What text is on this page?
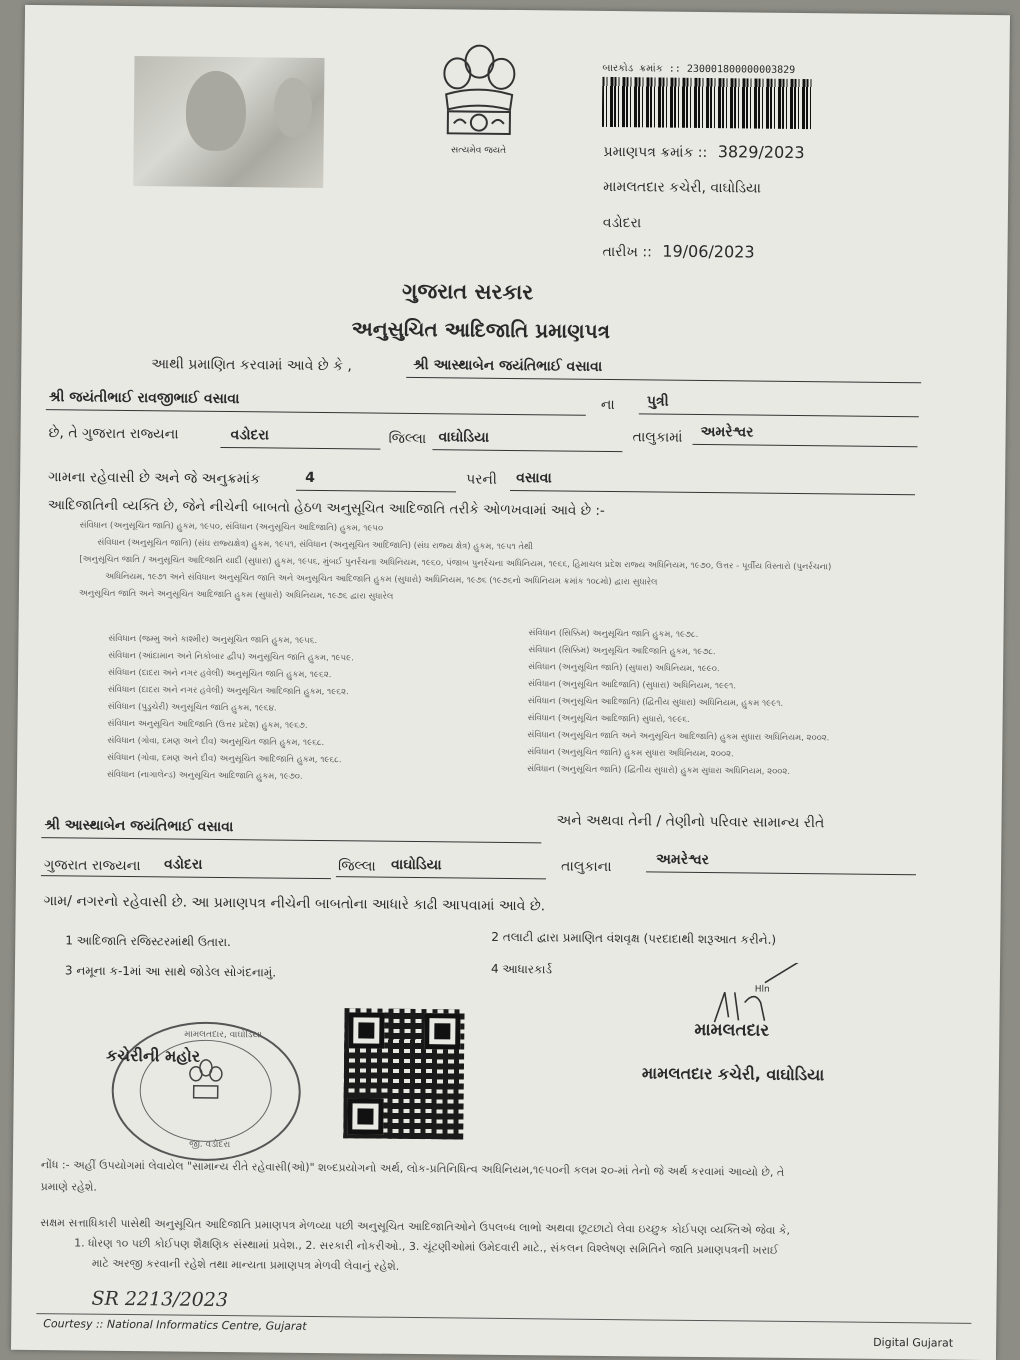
સત્યમેવ જયતે
બારકોડ ક્રમાંક :: 230001800000003829
પ્રમાણપત્ર ક્રમાંક :: 3829/2023
મામલતદાર કચેરી, વાઘોડિયા
વડોદરા
તારીખ :: 19/06/2023
ગુજરાત સરકાર
અનુસુચિત આદિજાતિ પ્રમાણપત્ર
આથી પ્રમાણિત કરવામાં આવે છે કે ,	શ્રી આસ્થાબેન જયંતિભાઈ વસાવા
શ્રી જયંતીભાઈ રાવજીભાઈ વસાવા	ના પુત્રી
છે, તે ગુજરાત રાજ્યના	વડોદરા	જિલ્લા વાઘોડિયા	તાલુકામાં અમરેશ્વર
ગામના રહેવાસી છે અને જે અનુક્રમાંક	4	પરની વસાવા
આદિજાતિની વ્યક્તિ છે, જેને નીચેની બાબતો હેઠળ અનુસૂચિત આદિજાતિ તરીકે ઓળખવામાં આવે છે :-
સંવિધાન (અનુસૂચિત જાતિ) હુકમ, ૧૯૫૦, સંવિધાન (અનુસૂચિત આદિજાતિ) હુકમ, ૧૯૫૦
સંવિધાન (અનુસૂચિત જાતિ) (સંઘ રાજ્યક્ષેત્ર) હુકમ, ૧૯૫૧, સંવિધાન (અનુસૂચિત આદિજાતિ) (સંઘ રાજ્ય ક્ષેત્ર) હુકમ, ૧૯૫૧ તેથી
[અનુસૂચિત જાતિ / અનુસૂચિત આદિજાતિ યાદી (સુધારા) હુકમ, ૧૯૫૬, મુંબઈ પુનર્રચના અધિનિયમ, ૧૯૬૦, પંજાબ પુનર્રચના અધિનિયમ, ૧૯૬૬, હિમાચલ પ્રદેશ રાજ્ય અધિનિયમ, ૧૯૭૦, ઉત્તર - પૂર્વીય વિસ્તારો (પુનર્રચના)
અધિનિયમ, ૧૯૭૧ અને સંવિધાન અનુસૂચિત જાતિ અને અનુસૂચિત આદિજાતિ હુકમ (સુધારો) અધિનિયમ, ૧૯૭૬ (૧૯૭૬નો અધિનિયમ ક્રમાંક ૧૦૮મો) દ્વારા સુધારેલ
અનુસૂચિત જાતિ અને અનુસૂચિત આદિજાતિ હુકમ (સુધારો) અધિનિયમ, ૧૯૭૬ દ્વારા સુધારેલ
સંવિધાન (જમ્મુ અને કાશ્મીર) અનુસૂચિત જાતિ હુકમ, ૧૯૫૬.
સંવિધાન (આંદામાન અને નિકોબાર દ્વીપ) અનુસૂચિત જાતિ હુકમ, ૧૯૫૯.
સંવિધાન (દાદરા અને નગર હવેલી) અનુસૂચિત જાતિ હુકમ, ૧૯૬૨.
સંવિધાન (દાદરા અને નગર હવેલી) અનુસૂચિત આદિજાતિ હુકમ, ૧૯૬૨.
સંવિધાન (પુડુચેરી) અનુસૂચિત જાતિ હુકમ, ૧૯૬૪.
સંવિધાન અનુસૂચિત આદિજાતિ (ઉત્તર પ્રદેશ) હુકમ, ૧૯૬૭.
સંવિધાન (ગોવા, દમણ અને દીવ) અનુસૂચિત જાતિ હુકમ, ૧૯૬૮.
સંવિધાન (ગોવા, દમણ અને દીવ) અનુસૂચિત આદિજાતિ હુકમ, ૧૯૬૮.
સંવિધાન (નાગાલેન્ડ) અનુસૂચિત આદિજાતિ હુકમ, ૧૯૭૦.
સંવિધાન (સિક્કિમ) અનુસૂચિત જાતિ હુકમ, ૧૯૭૮.
સંવિધાન (સિક્કિમ) અનુસૂચિત આદિજાતિ હુકમ, ૧૯૭૮.
સંવિધાન (અનુસૂચિત જાતિ) (સુધારા) અધિનિયમ, ૧૯૯૦.
સંવિધાન (અનુસૂચિત આદિજાતિ) (સુધારા) અધિનિયમ, ૧૯૯૧.
સંવિધાન (અનુસૂચિત આદિજાતિ) (દ્વિતીય સુધારા) અધિનિયમ, હુકમ ૧૯૯૧.
સંવિધાન (અનુસૂચિત આદિજાતિ) સુધારો, ૧૯૯૬.
સંવિધાન (અનુસૂચિત જાતિ અને અનુસૂચિત આદિજાતિ) હુકમ સુધારા અધિનિયમ, ૨૦૦૨.
સંવિધાન (અનુસૂચિત જાતિ) હુકમ સુધારા અધિનિયમ, ૨૦૦૨.
સંવિધાન (અનુસૂચિત જાતિ) (દ્વિતીય સુધારો) હુકમ સુધારા અધિનિયમ, ૨૦૦૨.
શ્રી આસ્થાબેન જયંતિભાઈ વસાવા	અને અથવા તેની / તેણીનો પરિવાર સામાન્ય રીતે
ગુજરાત રાજ્યના વડોદરા	જિલ્લા વાઘોડિયા	તાલુકાના	અમરેશ્વર
ગામ/ નગરનો રહેવાસી છે. આ પ્રમાણપત્ર નીચેની બાબતોના આધારે કાઢી આપવામાં આવે છે.
1 આદિજાતિ રજિસ્ટરમાંથી ઉતારા.	2 તલાટી દ્વારા પ્રમાણિત વંશવૃક્ષ (પરદાદાથી શરૂઆત કરીને.)
3 નમૂના ક-1માં આ સાથે જોડેલ સોગંદનામું.	4 આધારકાર્ડ
Hln
મામલતદાર
મામલતદાર કચેરી, વાઘોડિયા
મામલતદાર, વાઘોડિયા
જી. વડોદરા
કચેરીની મહોર
નોંધ :- અહીં ઉપયોગમાં લેવાયેલ "સામાન્ય રીતે રહેવાસી(ઓ)" શબ્દપ્રયોગનો અર્થ, લોક-પ્રતિનિધિત્વ અધિનિયમ,૧૯૫૦ની કલમ ૨૦-માં તેનો જે અર્થ કરવામાં આવ્યો છે, તે
પ્રમાણે રહેશે.
સક્ષમ સત્તાધિકારી પાસેથી અનુસૂચિત આદિજાતિ પ્રમાણપત્ર મેળવ્યા પછી અનુસૂચિત આદિજાતિઓને ઉપલબ્ધ લાભો અથવા છૂટછાટો લેવા ઇચ્છુક કોઈપણ વ્યક્તિએ જેવા કે,
1. ધોરણ ૧૦ પછી કોઈપણ શૈક્ષણિક સંસ્થામાં પ્રવેશ., 2. સરકારી નોકરીઓ., 3. ચૂંટણીઓમાં ઉમેદવારી માટે., સંકલન વિશ્લેષણ સમિતિને જાતિ પ્રમાણપત્રની ખરાઈ
માટે અરજી કરવાની રહેશે તથા માન્યતા પ્રમાણપત્ર મેળવી લેવાનું રહેશે.
SR 2213/2023
Courtesy :: National Informatics Centre, Gujarat
Digital Gujarat
